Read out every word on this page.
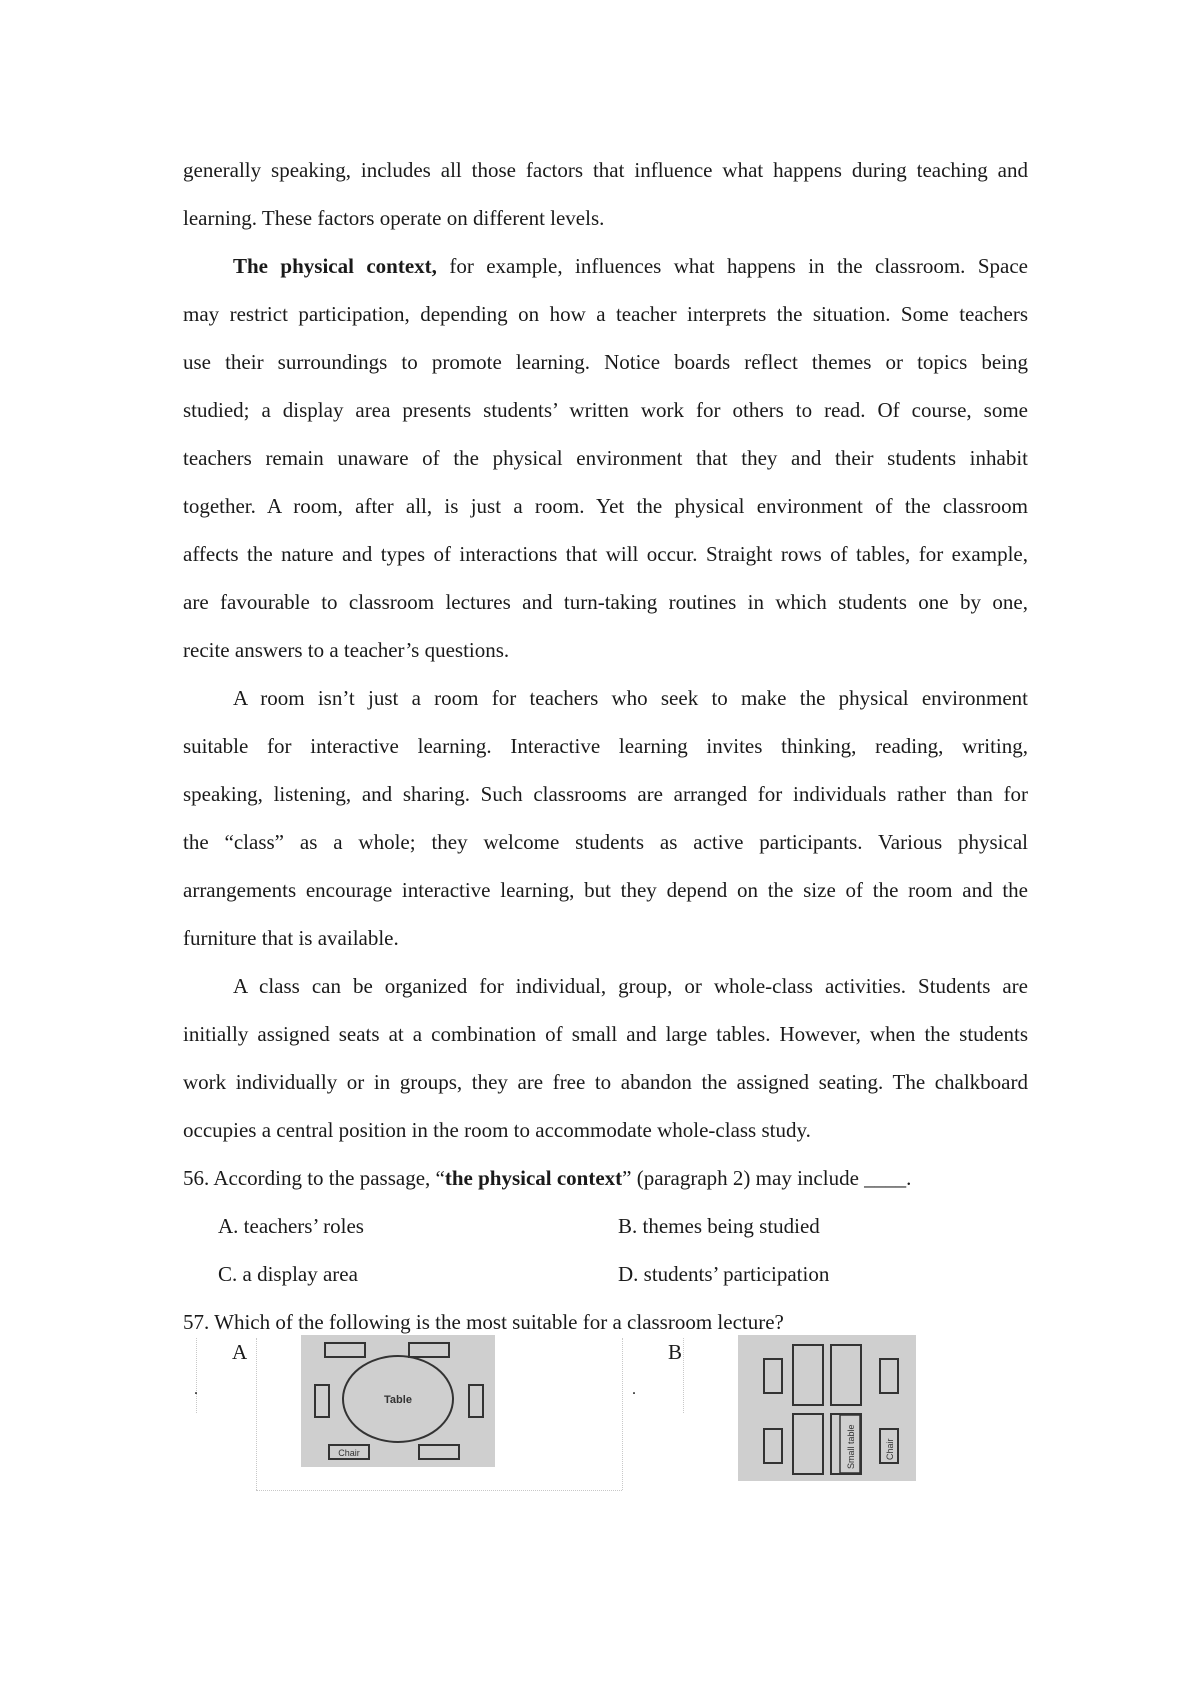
generally speaking, includes all those factors that influence what happens during teaching and
learning. These factors operate on different levels.
The physical context, for example, influences what happens in the classroom. Space
may restrict participation, depending on how a teacher interprets the situation. Some teachers
use their surroundings to promote learning. Notice boards reflect themes or topics being
studied; a display area presents students’ written work for others to read. Of course, some
teachers remain unaware of the physical environment that they and their students inhabit
together. A room, after all, is just a room. Yet the physical environment of the classroom
affects the nature and types of interactions that will occur. Straight rows of tables, for example,
are favourable to classroom lectures and turn-taking routines in which students one by one,
recite answers to a teacher’s questions.
A room isn’t just a room for teachers who seek to make the physical environment
suitable for interactive learning. Interactive learning invites thinking, reading, writing,
speaking, listening, and sharing. Such classrooms are arranged for individuals rather than for
the “class” as a whole; they welcome students as active participants. Various physical
arrangements encourage interactive learning, but they depend on the size of the room and the
furniture that is available.
A class can be organized for individual, group, or whole-class activities. Students are
initially assigned seats at a combination of small and large tables. However, when the students
work individually or in groups, they are free to abandon the assigned seating. The chalkboard
occupies a central position in the room to accommodate whole-class study.
56. According to the passage, “the physical context” (paragraph 2) may include ____.
A. teachers’ roles	B. themes being studied
C. a display area	D. students’ participation
57. Which of the following is the most suitable for a classroom lecture?
.	.
A	B
Table
Chair	Small table	Chair
